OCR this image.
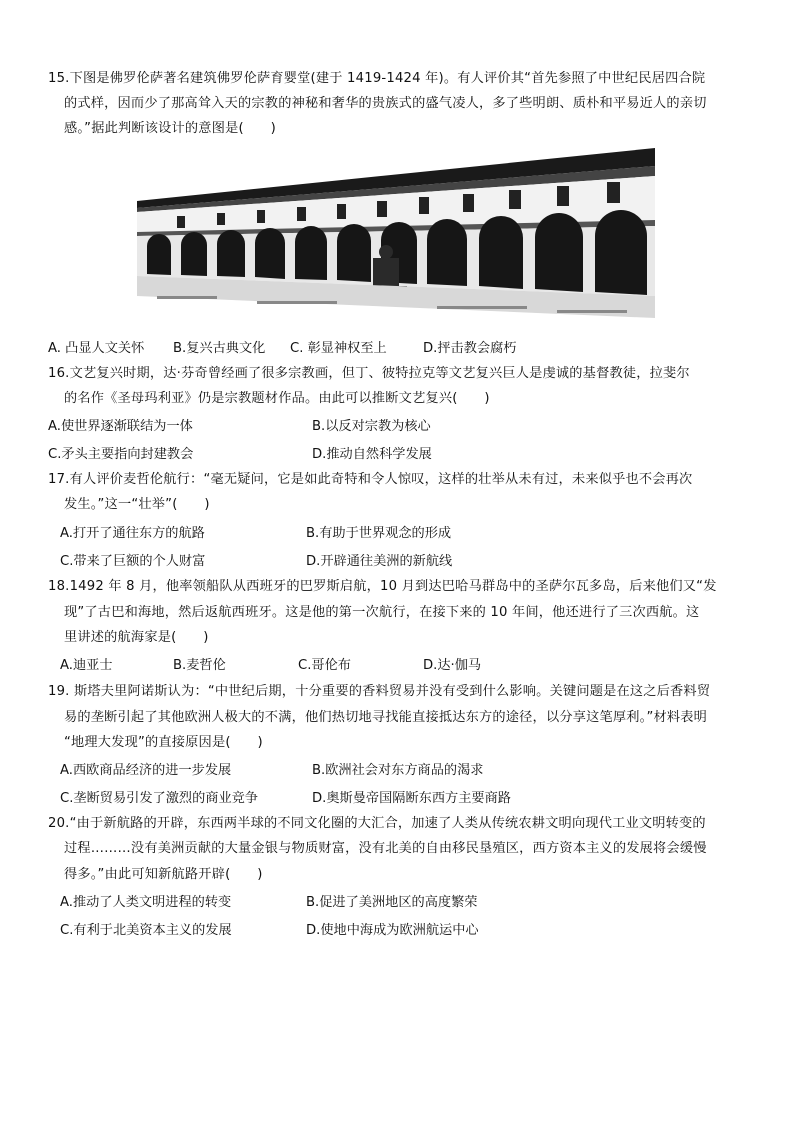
15.下图是佛罗伦萨著名建筑佛罗伦萨育婴堂(建于 1419-1424 年)。有人评价其“首先参照了中世纪民居四合院
的式样，因而少了那高耸入天的宗教的神秘和奢华的贵族式的盛气凌人，多了些明朗、质朴和平易近人的亲切
感。”据此判断该设计的意图是(　　)
A. 凸显人文关怀 B.复兴古典文化 C. 彰显神权至上	D.抨击教会腐朽
16.文艺复兴时期，达·芬奇曾经画了很多宗教画，但丁、彼特拉克等文艺复兴巨人是虔诚的基督教徒，拉斐尔
的名作《圣母玛利亚》仍是宗教题材作品。由此可以推断文艺复兴(　　)
A.使世界逐渐联结为一体	B.以反对宗教为核心
C.矛头主要指向封建教会	D.推动自然科学发展
17.有人评价麦哲伦航行：“毫无疑问，它是如此奇特和令人惊叹，这样的壮举从未有过，未来似乎也不会再次
发生。”这一“壮举”(　　)
A.打开了通往东方的航路	B.有助于世界观念的形成
C.带来了巨额的个人财富	D.开辟通往美洲的新航线
18.1492 年 8 月，他率领船队从西班牙的巴罗斯启航，10 月到达巴哈马群岛中的圣萨尔瓦多岛，后来他们又“发
现”了古巴和海地，然后返航西班牙。这是他的第一次航行，在接下来的 10 年间，他还进行了三次西航。这
里讲述的航海家是(　　)
A.迪亚士	B.麦哲伦	C.哥伦布	D.达·伽马
19. 斯塔夫里阿诺斯认为：“中世纪后期，十分重要的香料贸易并没有受到什么影响。关键问题是在这之后香料贸
易的垄断引起了其他欧洲人极大的不满，他们热切地寻找能直接抵达东方的途径，以分享这笔厚利。”材料表明
“地理大发现”的直接原因是(　　)
A.西欧商品经济的进一步发展	B.欧洲社会对东方商品的渴求
C.垄断贸易引发了激烈的商业竞争	D.奥斯曼帝国隔断东西方主要商路
20.“由于新航路的开辟，东西两半球的不同文化圈的大汇合，加速了人类从传统农耕文明向现代工业文明转变的
过程………没有美洲贡献的大量金银与物质财富，没有北美的自由移民垦殖区，西方资本主义的发展将会缓慢
得多。”由此可知新航路开辟(　　)
A.推动了人类文明进程的转变	B.促进了美洲地区的高度繁荣
C.有利于北美资本主义的发展	D.使地中海成为欧洲航运中心
